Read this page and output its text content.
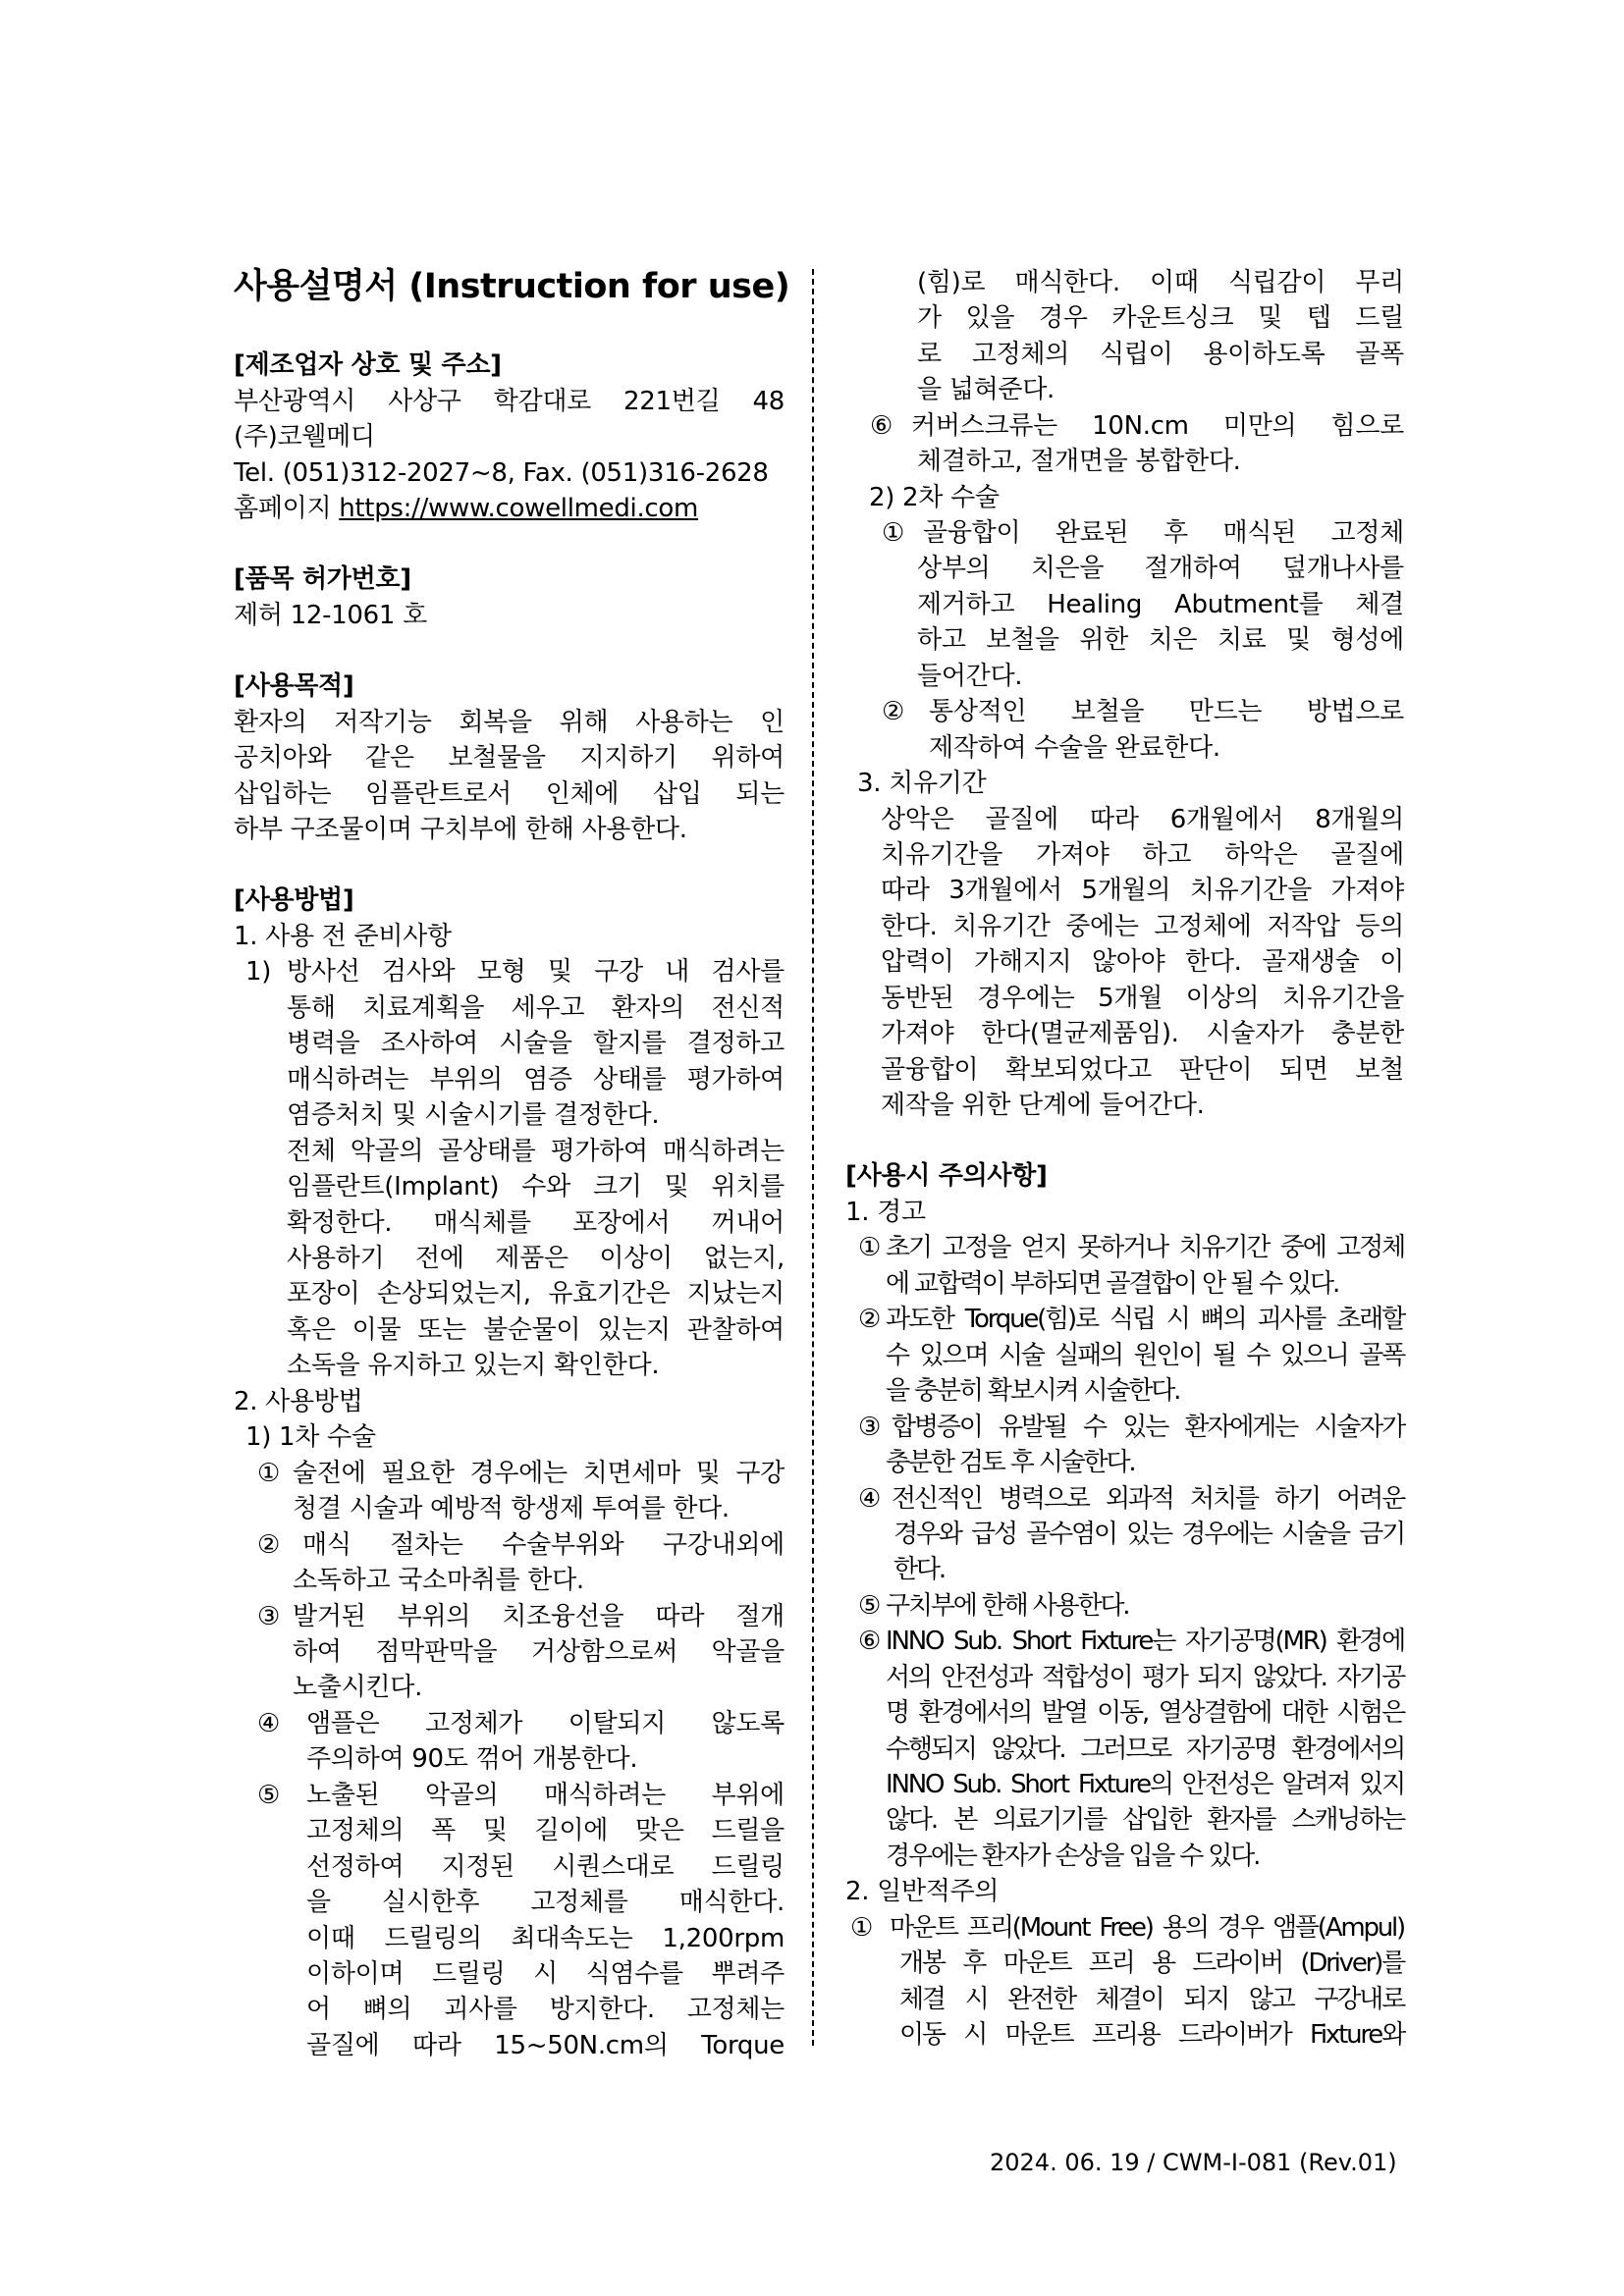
사용설명서 (Instruction for use)
[제조업자 상호 및 주소]
부산광역시 사상구 학감대로 221번길 48
(주)코웰메디
Tel. (051)312-2027~8, Fax. (051)316-2628
홈페이지 https://www.cowellmedi.com
[품목 허가번호]
제허 12-1061 호
[사용목적]
환자의 저작기능 회복을 위해 사용하는 인
공치아와 같은 보철물을 지지하기 위하여
삽입하는 임플란트로서 인체에 삽입 되는
하부 구조물이며 구치부에 한해 사용한다.
[사용방법]
1. 사용 전 준비사항
1) 방사선 검사와 모형 및 구강 내 검사를
통해 치료계획을 세우고 환자의 전신적
병력을 조사하여 시술을 할지를 결정하고
매식하려는 부위의 염증 상태를 평가하여
염증처치 및 시술시기를 결정한다.
전체 악골의 골상태를 평가하여 매식하려는
임플란트(Implant) 수와 크기 및 위치를
확정한다. 매식체를 포장에서 꺼내어
사용하기 전에 제품은 이상이 없는지,
포장이 손상되었는지, 유효기간은 지났는지
혹은 이물 또는 불순물이 있는지 관찰하여
소독을 유지하고 있는지 확인한다.
2. 사용방법
1) 1차 수술
① 술전에 필요한 경우에는 치면세마 및 구강
청결 시술과 예방적 항생제 투여를 한다.
② 매식 절차는 수술부위와 구강내외에
소독하고 국소마취를 한다.
③ 발거된 부위의 치조융선을 따라 절개
하여 점막판막을 거상함으로써 악골을
노출시킨다.
④ 앰플은 고정체가 이탈되지 않도록
주의하여 90도 꺾어 개봉한다.
⑤ 노출된 악골의 매식하려는 부위에
고정체의 폭 및 길이에 맞은 드릴을
선정하여 지정된 시퀀스대로 드릴링
을 실시한후 고정체를 매식한다.
이때 드릴링의 최대속도는 1,200rpm
이하이며 드릴링 시 식염수를 뿌려주
어 뼈의 괴사를 방지한다. 고정체는
골질에 따라 15~50N.cm의 Torque
(힘)로 매식한다. 이때 식립감이 무리
가 있을 경우 카운트싱크 및 텝 드릴
로 고정체의 식립이 용이하도록 골폭
을 넓혀준다.
⑥ 커버스크류는 10N.cm 미만의 힘으로
체결하고, 절개면을 봉합한다.
2) 2차 수술
① 골융합이 완료된 후 매식된 고정체
상부의 치은을 절개하여 덮개나사를
제거하고 Healing Abutment를 체결
하고 보철을 위한 치은 치료 및 형성에
들어간다.
② 통상적인 보철을 만드는 방법으로
제작하여 수술을 완료한다.
3. 치유기간
상악은 골질에 따라 6개월에서 8개월의
치유기간을 가져야 하고 하악은 골질에
따라 3개월에서 5개월의 치유기간을 가져야
한다. 치유기간 중에는 고정체에 저작압 등의
압력이 가해지지 않아야 한다. 골재생술 이
동반된 경우에는 5개월 이상의 치유기간을
가져야 한다(멸균제품임). 시술자가 충분한
골융합이 확보되었다고 판단이 되면 보철
제작을 위한 단계에 들어간다.
[사용시 주의사항]
1. 경고
① 초기 고정을 얻지 못하거나 치유기간 중에 고정체
에 교합력이 부하되면 골결합이 안 될 수 있다.
② 과도한 Torque(힘)로 식립 시 뼈의 괴사를 초래할
수 있으며 시술 실패의 원인이 될 수 있으니 골폭
을 충분히 확보시켜 시술한다.
③ 합병증이 유발될 수 있는 환자에게는 시술자가
충분한 검토 후 시술한다.
④ 전신적인 병력으로 외과적 처치를 하기 어려운
경우와 급성 골수염이 있는 경우에는 시술을 금기
한다.
⑤ 구치부에 한해 사용한다.
⑥ INNO Sub. Short Fixture는 자기공명(MR) 환경에
서의 안전성과 적합성이 평가 되지 않았다. 자기공
명 환경에서의 발열 이동, 열상결함에 대한 시험은
수행되지 않았다. 그러므로 자기공명 환경에서의
INNO Sub. Short Fixture의 안전성은 알려져 있지
않다. 본 의료기기를 삽입한 환자를 스캐닝하는
경우에는 환자가 손상을 입을 수 있다.
2. 일반적주의
① 마운트 프리(Mount Free) 용의 경우 앰플(Ampul)
개봉 후 마운트 프리 용 드라이버 (Driver)를
체결 시 완전한 체결이 되지 않고 구강내로
이동 시 마운트 프리용 드라이버가 Fixture와
2024. 06. 19 / CWM-I-081 (Rev.01)
